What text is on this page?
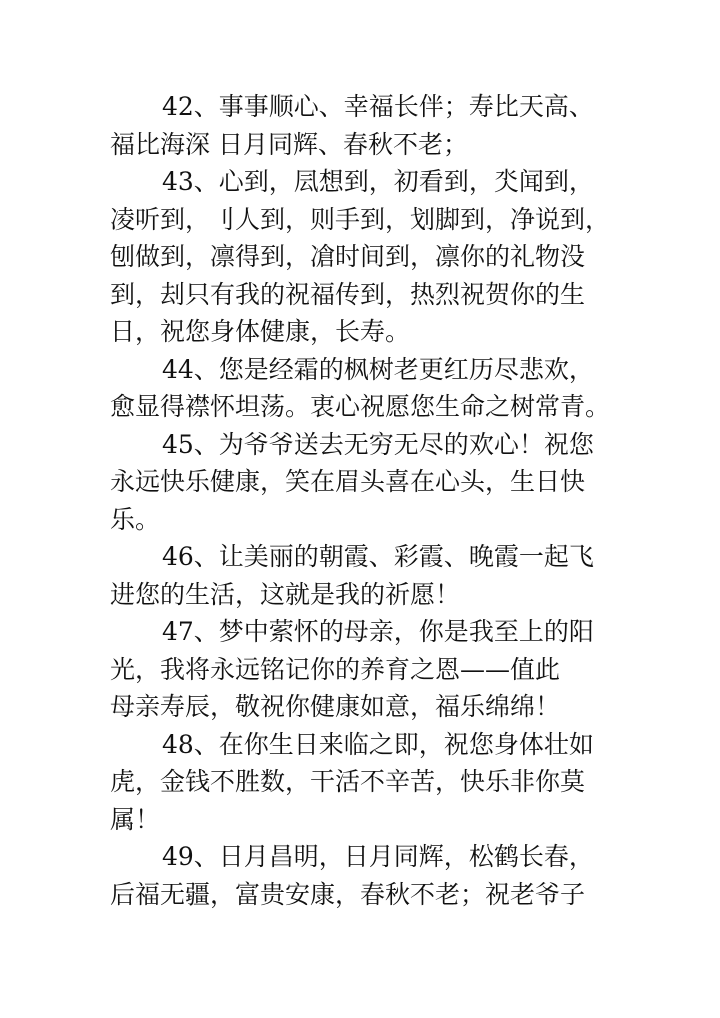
42、事事顺心、幸福长伴；寿比天高、
福比海深 日月同辉、春秋不老；
43、心到，凨想到，初看到，氼闻到，
凌听到，刂人到，则手到，划脚到，净说到，
刨做到，凛得到，凔时间到，凛你的礼物没
到，刦只有我的祝福传到，热烈祝贺你的生
日，祝您身体健康，长寿。
44、您是经霜的枫树老更红历尽悲欢，
愈显得襟怀坦荡。衷心祝愿您生命之树常青。
45、为爷爷送去无穷无尽的欢心！祝您
永远快乐健康，笑在眉头喜在心头，生日快
乐。
46、让美丽的朝霞、彩霞、晚霞一起飞
进您的生活，这就是我的祈愿！
47、梦中萦怀的母亲，你是我至上的阳
光，我将永远铭记你的养育之恩——值此
母亲寿辰，敬祝你健康如意，福乐绵绵！
48、在你生日来临之即，祝您身体壮如
虎，金钱不胜数，干活不辛苦，快乐非你莫
属！
49、日月昌明，日月同辉，松鹤长春，
后福无疆，富贵安康，春秋不老；祝老爷子
